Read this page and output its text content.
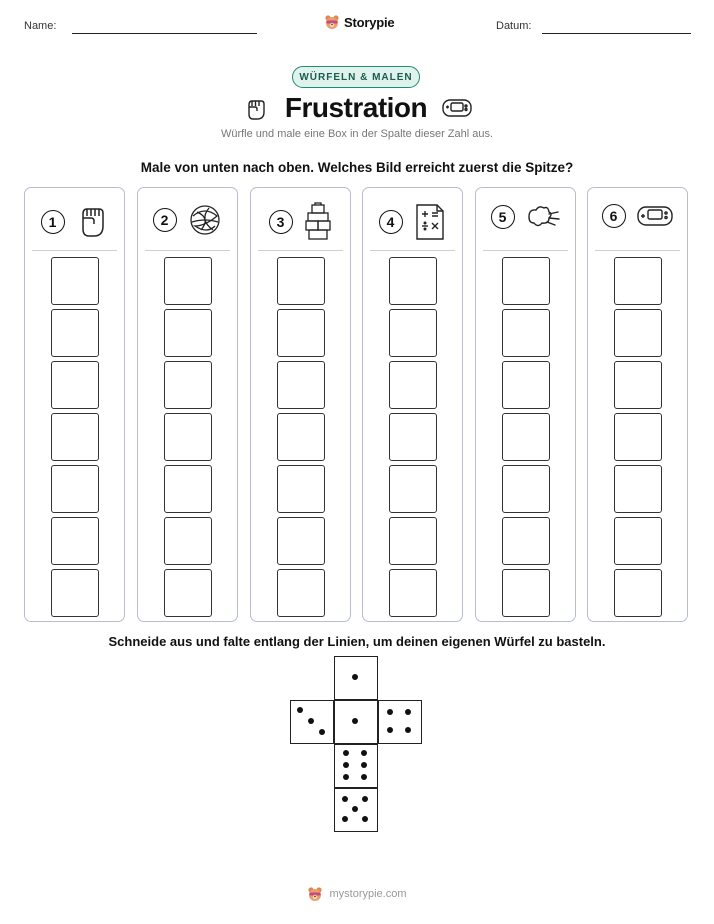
Name:	Storypie	Datum:
WÜRFELN & MALEN
Frustration
Würfle und male eine Box in der Spalte dieser Zahl aus.
Male von unten nach oben. Welches Bild erreicht zuerst die Spitze?
1	2	3	4	5	6
Schneide aus und falte entlang der Linien, um deinen eigenen Würfel zu basteln.
mystorypie.com
